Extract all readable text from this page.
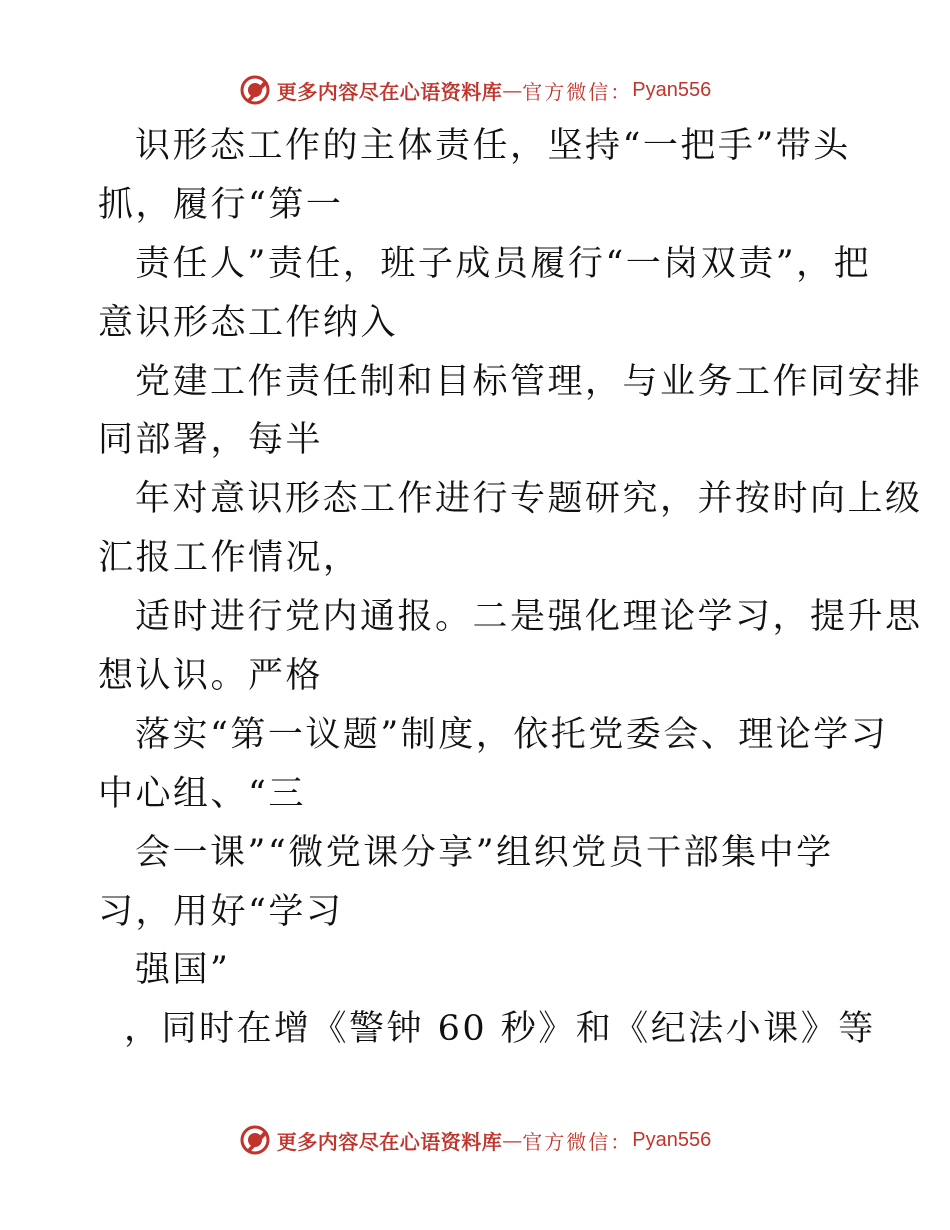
更多内容尽在心语资料库 — 官方微信： Pyan556
识形态工作的主体责任，坚持“一把手”带头
抓，履行“第一
责任人”责任，班子成员履行“一岗双责”，把
意识形态工作纳入
党建工作责任制和目标管理，与业务工作同安排
同部署，每半
年对意识形态工作进行专题研究，并按时向上级
汇报工作情况，
适时进行党内通报。二是强化理论学习，提升思
想认识。严格
落实“第一议题”制度，依托党委会、理论学习
中心组、“三
会一课”“微党课分享”组织党员干部集中学
习，用好“学习
强国”
，同时在增《警钟 60 秒》和《纪法小课》等
更多内容尽在心语资料库 — 官方微信： Pyan556
